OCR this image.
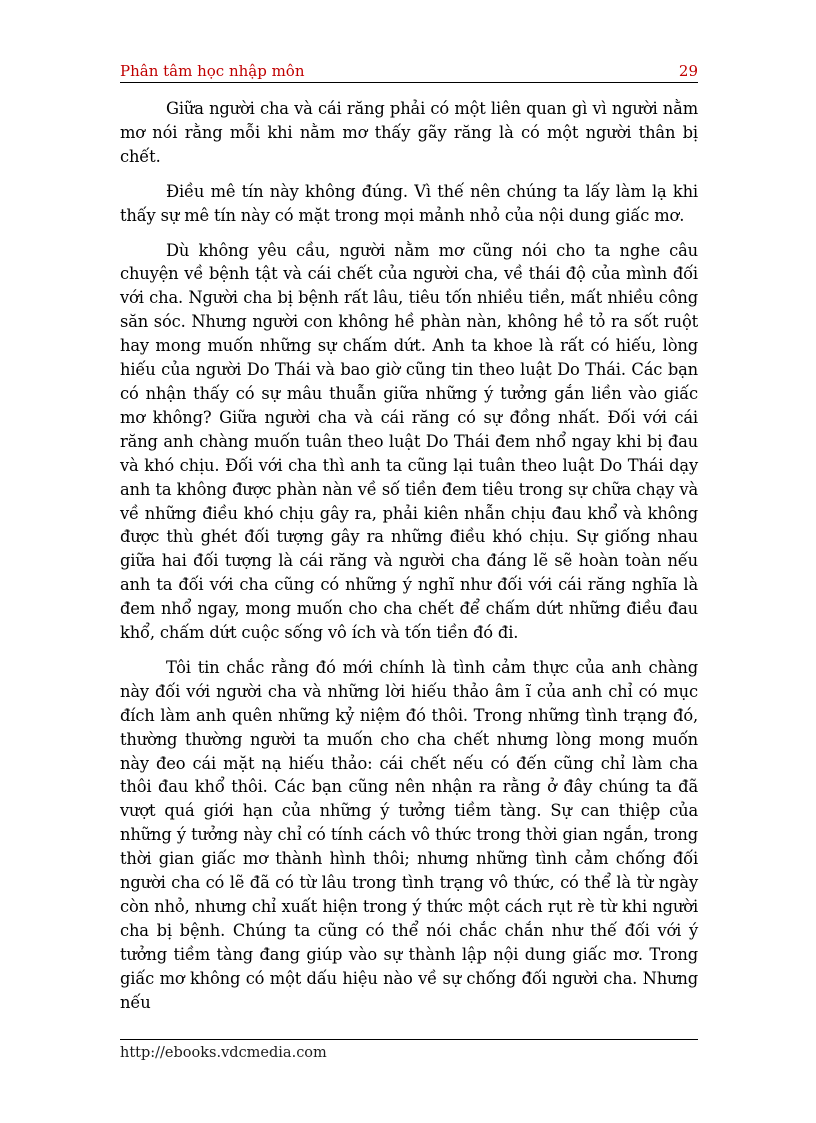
Phân tâm học nhập môn	29

Giữa người cha và cái răng phải có một liên quan gì vì người nằm mơ nói rằng mỗi khi nằm mơ thấy gãy răng là có một người thân bị chết.

Điều mê tín này không đúng. Vì thế nên chúng ta lấy làm lạ khi thấy sự mê tín này có mặt trong mọi mảnh nhỏ của nội dung giấc mơ.

Dù không yêu cầu, người nằm mơ cũng nói cho ta nghe câu chuyện về bệnh tật và cái chết của người cha, về thái độ của mình đối với cha. Người cha bị bệnh rất lâu, tiêu tốn nhiều tiền, mất nhiều công săn sóc. Nhưng người con không hề phàn nàn, không hề tỏ ra sốt ruột hay mong muốn những sự chấm dứt. Anh ta khoe là rất có hiếu, lòng hiếu của người Do Thái và bao giờ cũng tin theo luật Do Thái. Các bạn có nhận thấy có sự mâu thuẫn giữa những ý tưởng gắn liền vào giấc mơ không? Giữa người cha và cái răng có sự đồng nhất. Đối với cái răng anh chàng muốn tuân theo luật Do Thái đem nhổ ngay khi bị đau và khó chịu. Đối với cha thì anh ta cũng lại tuân theo luật Do Thái dạy anh ta không được phàn nàn về số tiền đem tiêu trong sự chữa chạy và về những điều khó chịu gây ra, phải kiên nhẫn chịu đau khổ và không được thù ghét đối tượng gây ra những điều khó chịu. Sự giống nhau giữa hai đối tượng là cái răng và người cha đáng lẽ sẽ hoàn toàn nếu anh ta đối với cha cũng có những ý nghĩ như đối với cái răng nghĩa là đem nhổ ngay, mong muốn cho cha chết để chấm dứt những điều đau khổ, chấm dứt cuộc sống vô ích và tốn tiền đó đi.

Tôi tin chắc rằng đó mới chính là tình cảm thực của anh chàng này đối với người cha và những lời hiếu thảo âm ĩ của anh chỉ có mục đích làm anh quên những kỷ niệm đó thôi. Trong những tình trạng đó, thường thường người ta muốn cho cha chết nhưng lòng mong muốn này đeo cái mặt nạ hiếu thảo: cái chết nếu có đến cũng chỉ làm cha thôi đau khổ thôi. Các bạn cũng nên nhận ra rằng ở đây chúng ta đã vượt quá giới hạn của những ý tưởng tiềm tàng. Sự can thiệp của những ý tưởng này chỉ có tính cách vô thức trong thời gian ngắn, trong thời gian giấc mơ thành hình thôi; nhưng những tình cảm chống đối người cha có lẽ đã có từ lâu trong tình trạng vô thức, có thể là từ ngày còn nhỏ, nhưng chỉ xuất hiện trong ý thức một cách rụt rè từ khi người cha bị bệnh. Chúng ta cũng có thể nói chắc chắn như thế đối với ý tưởng tiềm tàng đang giúp vào sự thành lập nội dung giấc mơ. Trong giấc mơ không có một dấu hiệu nào về sự chống đối người cha. Nhưng nếu

http://ebooks.vdcmedia.com
